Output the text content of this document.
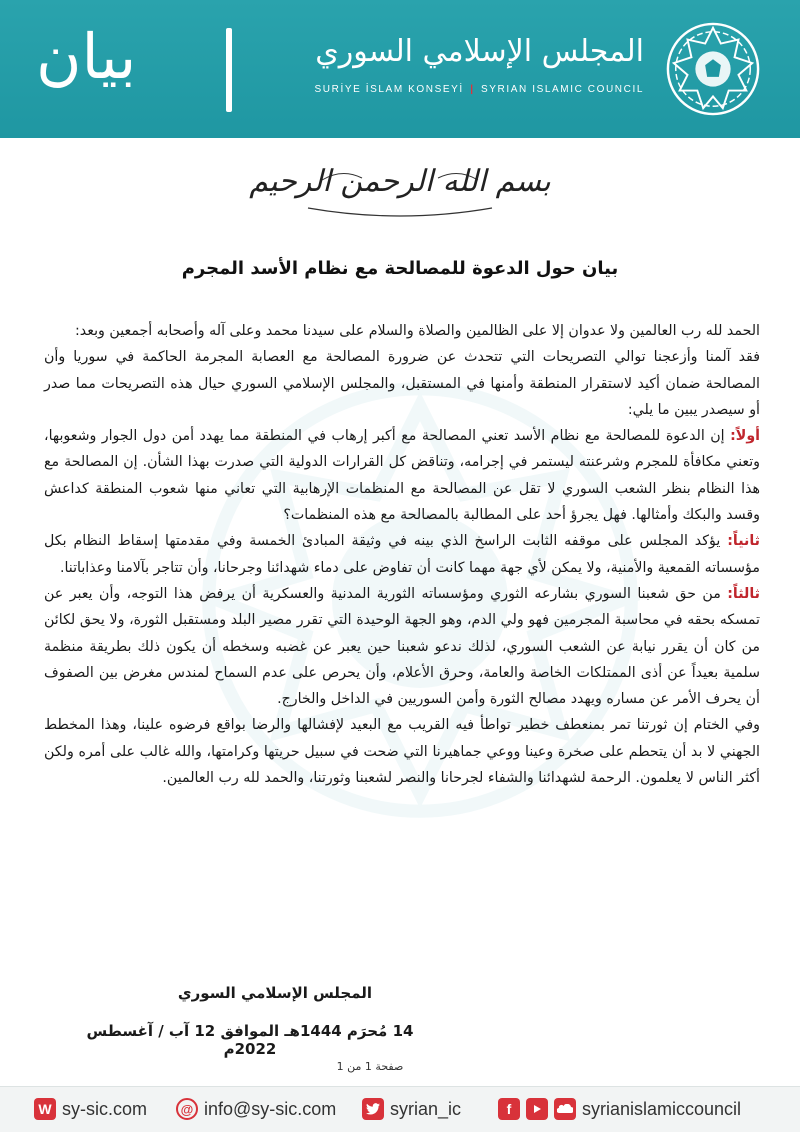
المجلس الإسلامي السوري
SURİYE İSLAM KONSEYİ | SYRIAN ISLAMIC COUNCIL
بيان
بسم الله الرحمن الرحيم
بيان حول الدعوة للمصالحة مع نظام الأسد المجرم

الحمد لله رب العالمين ولا عدوان إلا على الظالمين والصلاة والسلام على سيدنا محمد وعلى آله وأصحابه أجمعين وبعد:

فقد آلمنا وأزعجنا توالي التصريحات التي تتحدث عن ضرورة المصالحة مع العصابة المجرمة الحاكمة في سوريا وأن المصالحة ضمان أكيد لاستقرار المنطقة وأمنها في المستقبل، والمجلس الإسلامي السوري حيال هذه التصريحات مما صدر أو سيصدر يبين ما يلي:

أولاً: إن الدعوة للمصالحة مع نظام الأسد تعني المصالحة مع أكبر إرهاب في المنطقة مما يهدد أمن دول الجوار وشعوبها، وتعني مكافأة للمجرم وشرعنته ليستمر في إجرامه، وتناقض كل القرارات الدولية التي صدرت بهذا الشأن. إن المصالحة مع هذا النظام بنظر الشعب السوري لا تقل عن المصالحة مع المنظمات الإرهابية التي تعاني منها شعوب المنطقة كداعش وقسد والبكك وأمثالها. فهل يجرؤ أحد على المطالبة بالمصالحة مع هذه المنظمات؟

ثانياً: يؤكد المجلس على موقفه الثابت الراسخ الذي بينه في وثيقة المبادئ الخمسة وفي مقدمتها إسقاط النظام بكل مؤسساته القمعية والأمنية، ولا يمكن لأي جهة مهما كانت أن تفاوض على دماء شهدائنا وجرحانا، وأن تتاجر بآلامنا وعذاباتنا.

ثالثاً: من حق شعبنا السوري بشارعه الثوري ومؤسساته الثورية المدنية والعسكرية أن يرفض هذا التوجه، وأن يعبر عن تمسكه بحقه في محاسبة المجرمين فهو ولي الدم، وهو الجهة الوحيدة التي تقرر مصير البلد ومستقبل الثورة، ولا يحق لكائن من كان أن يقرر نيابة عن الشعب السوري، لذلك ندعو شعبنا حين يعبر عن غضبه وسخطه أن يكون ذلك بطريقة منظمة سلمية بعيداً عن أذى الممتلكات الخاصة والعامة، وحرق الأعلام، وأن يحرص على عدم السماح لمندس مغرض بين الصفوف أن يحرف الأمر عن مساره ويهدد مصالح الثورة وأمن السوريين في الداخل والخارج.

وفي الختام إن ثورتنا تمر بمنعطف خطير تواطأ فيه القريب مع البعيد لإفشالها والرضا بواقع فرضوه علينا، وهذا المخطط الجهني لا بد أن يتحطم على صخرة وعينا ووعي جماهيرنا التي ضحت في سبيل حريتها وكرامتها، والله غالب على أمره ولكن أكثر الناس لا يعلمون. الرحمة لشهدائنا والشفاء لجرحانا والنصر لشعبنا وثورتنا، والحمد لله رب العالمين.

المجلس الإسلامي السوري
14 مُحرَم 1444هـ الموافق 12 آب / آغسطس 2022م
صفحة 1 من 1
W sy-sic.com	@ info@sy-sic.com	syrian_ic	f	syrianislamiccouncil
